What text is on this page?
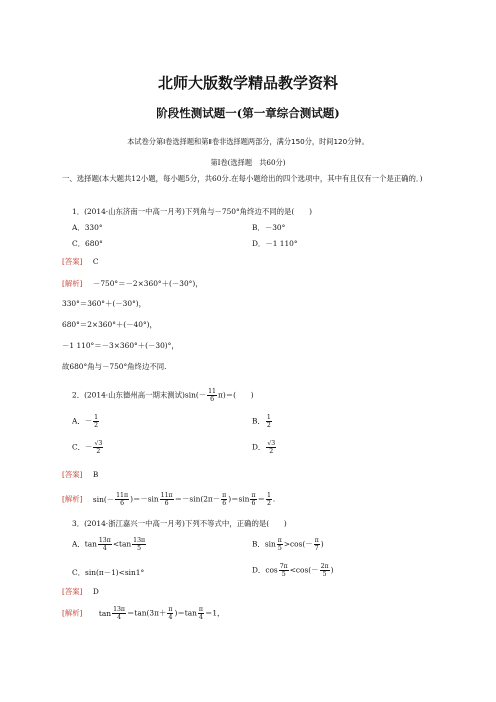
北师大版数学精品教学资料
阶段性测试题一(第一章综合测试题)
本试卷分第Ⅰ卷选择题和第Ⅱ卷非选择题两部分，满分150分，时间120分钟。
第Ⅰ卷(选择题　共60分)
一、选择题(本大题共12小题，每小题5分，共60分.在每小题给出的四个选项中，其中有且仅有一个是正确的．)
1．(2014·山东济南一中高一月考)下列角与－750°角终边不同的是(　　)
A．330°	B．－30°
C．680°	D．－1 110°
[答案] C
[解析] －750°＝－2×360°＋(－30°)，
330°＝360°＋(－30°)，
680°＝2×360°＋(－40°)，
－1 110°＝－3×360°＋(－30)°，
故680°角与－750°角终边不同.
2．(2014·山东德州高一期末测试)$\sin(- \frac{11}{6} \pi)=$(　　)
A．－ $\frac{1}{2}$	B． $\frac{1}{2}$
C．－ $\frac{√3}{2}$	D． $\frac{√3}{2}$
[答案] B
[解析] $\sin(- \frac{11\pi}{6} )=-\sin \frac{11\pi}{6} =-\sin(2\pi- \frac{\pi}{6} )=\sin \frac{\pi}{6} = \frac{1}{2}$ .
3．(2014·浙江嘉兴一中高一月考)下列不等式中，正确的是(　　)
A．$\tan \frac{13\pi}{4} <\tan \frac{13\pi}{5}$	B．$\sin \frac{\pi}{5} >\cos(- \frac{\pi}{7}$ )
C．sin(π－1)<sin1°	D．$\cos \frac{7\pi}{5} <\cos(- \frac{2\pi}{5}$ )
[答案] D
[解析] $\tan \frac{13\pi}{4} =\tan(3\pi+ \frac{\pi}{4} )=\tan \frac{\pi}{4} =1$，
